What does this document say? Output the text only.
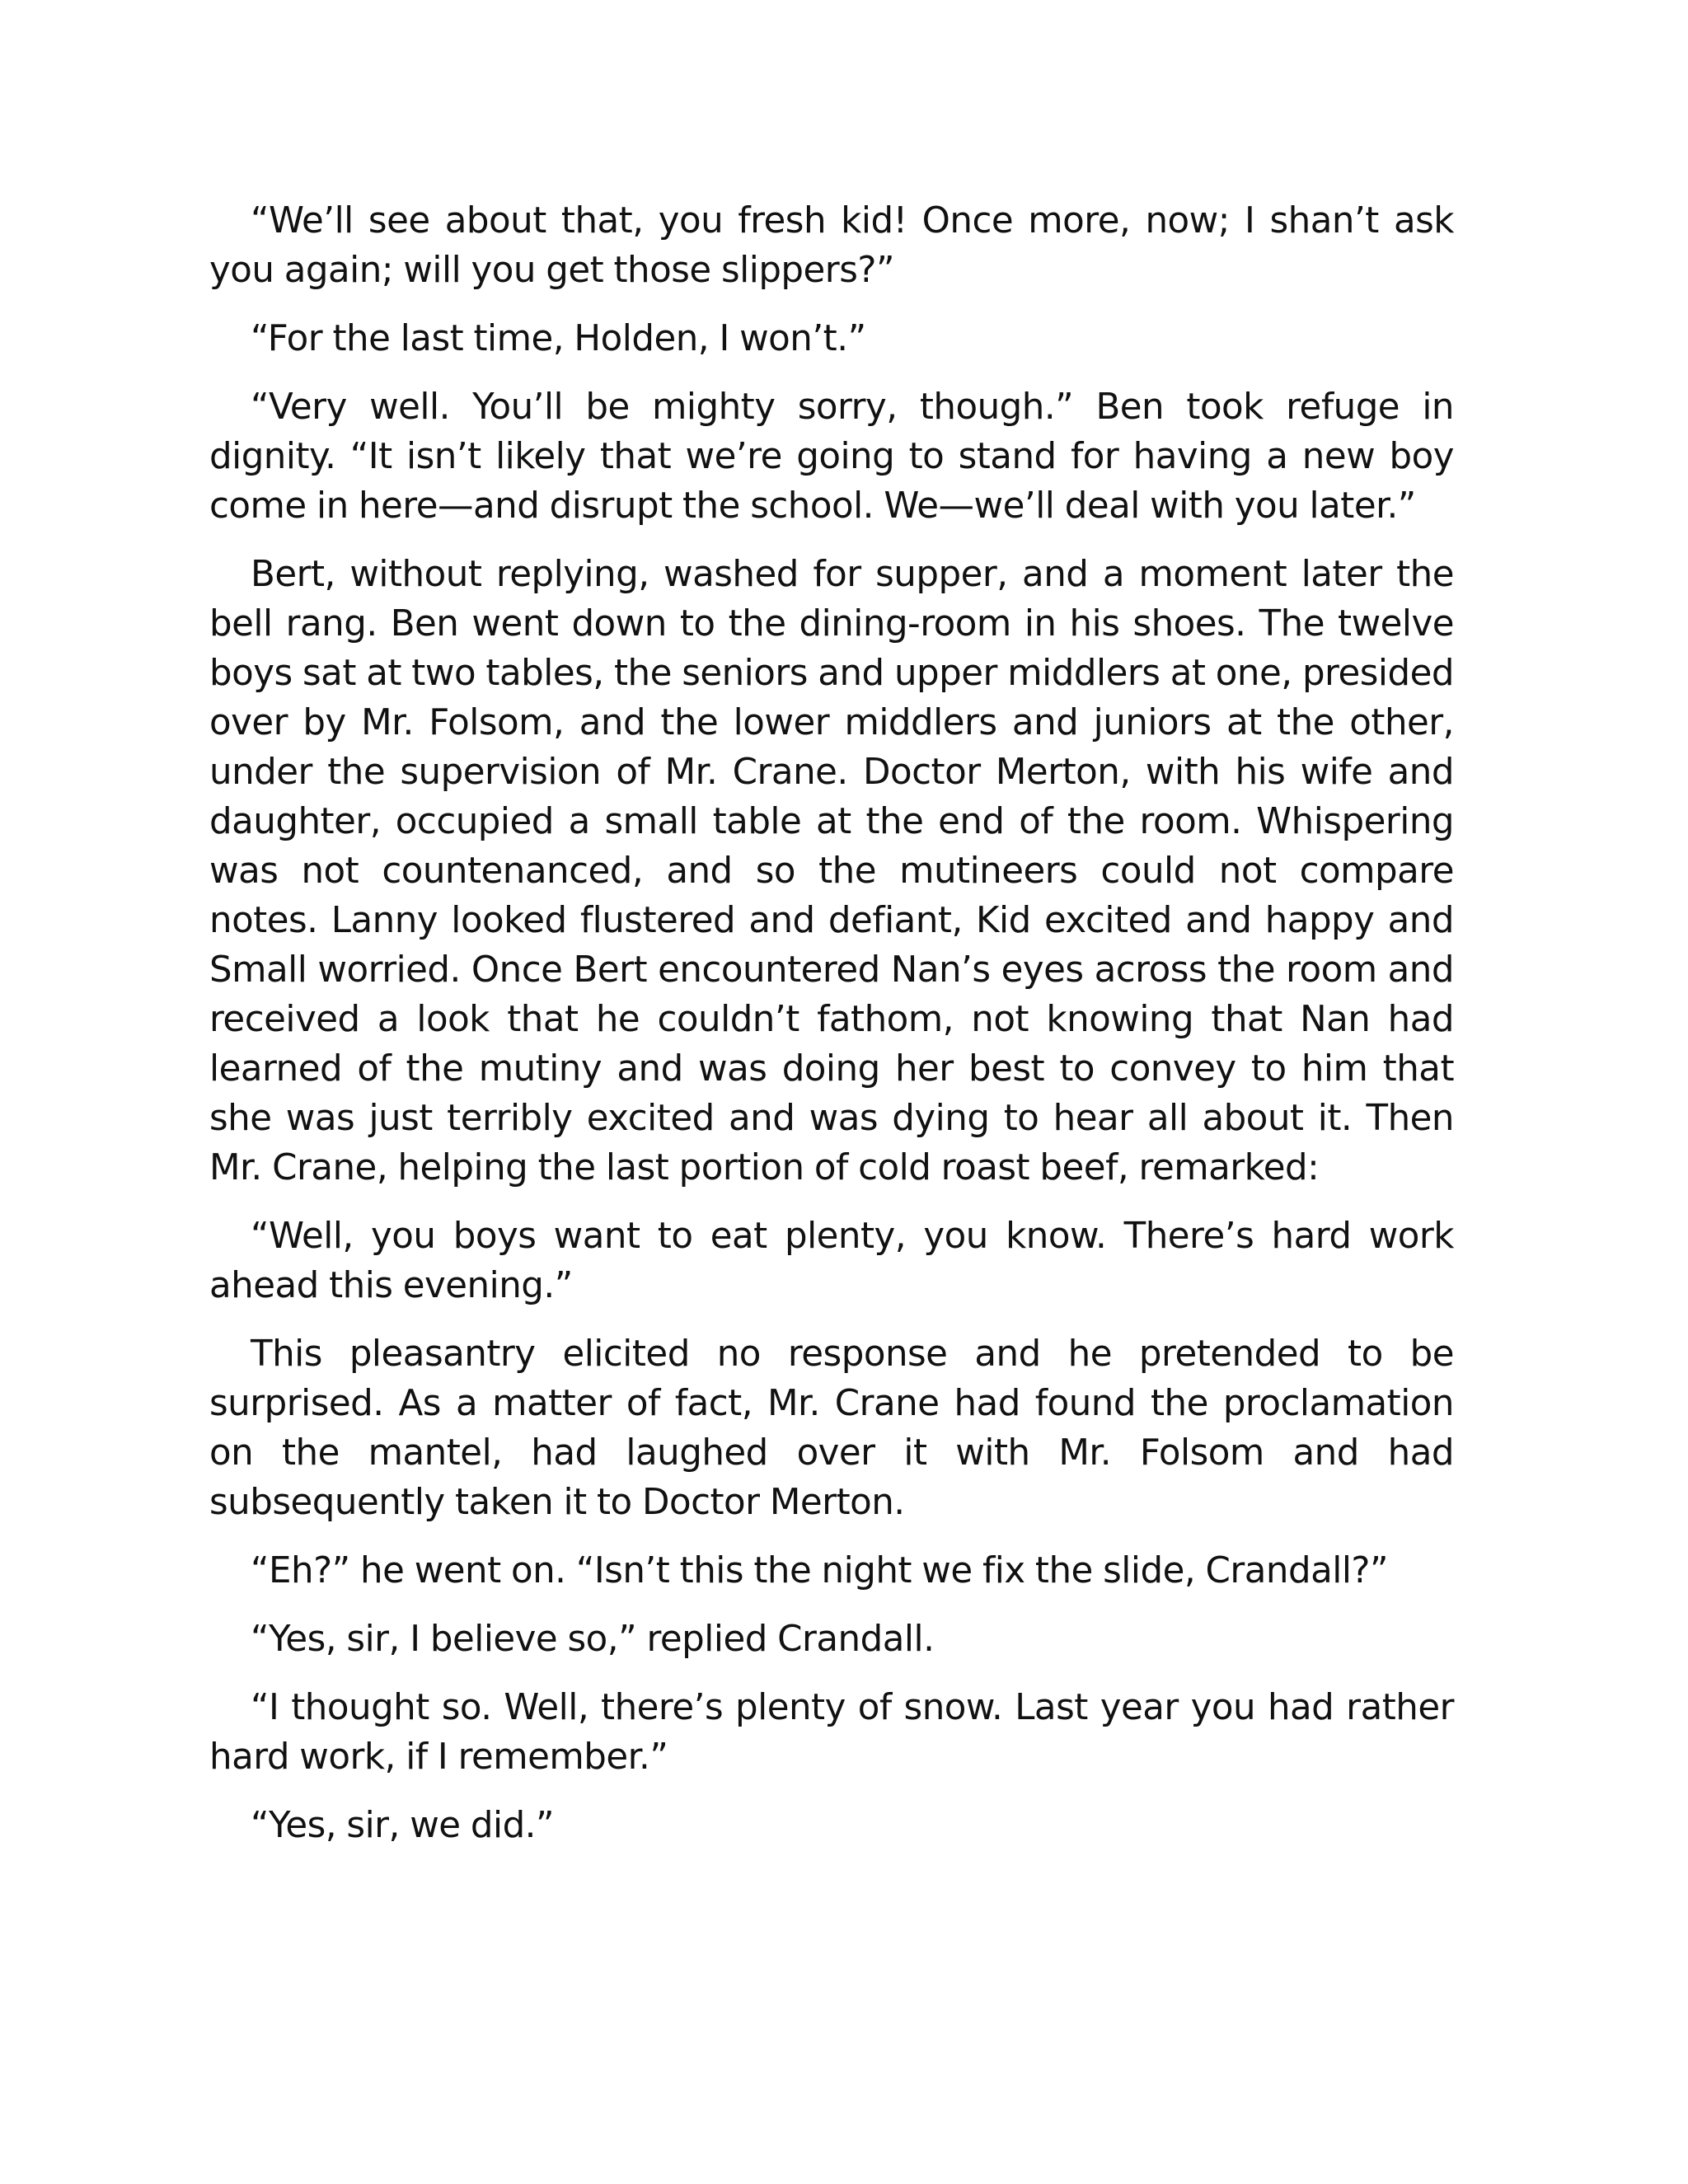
“We’ll see about that, you fresh kid! Once more, now; I shan’t ask you again; will you get those slippers?”

“For the last time, Holden, I won’t.”

“Very well. You’ll be mighty sorry, though.” Ben took refuge in dignity. “It isn’t likely that we’re going to stand for having a new boy come in here—and disrupt the school. We—we’ll deal with you later.”

Bert, without replying, washed for supper, and a moment later the bell rang. Ben went down to the dining-room in his shoes. The twelve boys sat at two tables, the seniors and upper middlers at one, presided over by Mr. Folsom, and the lower middlers and juniors at the other, under the supervision of Mr. Crane. Doctor Merton, with his wife and daughter, occupied a small table at the end of the room. Whispering was not countenanced, and so the mutineers could not compare notes. Lanny looked flustered and defiant, Kid excited and happy and Small worried. Once Bert encountered Nan’s eyes across the room and received a look that he couldn’t fathom, not knowing that Nan had learned of the mutiny and was doing her best to convey to him that she was just terribly excited and was dying to hear all about it. Then Mr. Crane, helping the last portion of cold roast beef, remarked:

“Well, you boys want to eat plenty, you know. There’s hard work ahead this evening.”

This pleasantry elicited no response and he pretended to be surprised. As a matter of fact, Mr. Crane had found the proclamation on the mantel, had laughed over it with Mr. Folsom and had subsequently taken it to Doctor Merton.

“Eh?” he went on. “Isn’t this the night we fix the slide, Crandall?”

“Yes, sir, I believe so,” replied Crandall.

“I thought so. Well, there’s plenty of snow. Last year you had rather hard work, if I remember.”

“Yes, sir, we did.”
